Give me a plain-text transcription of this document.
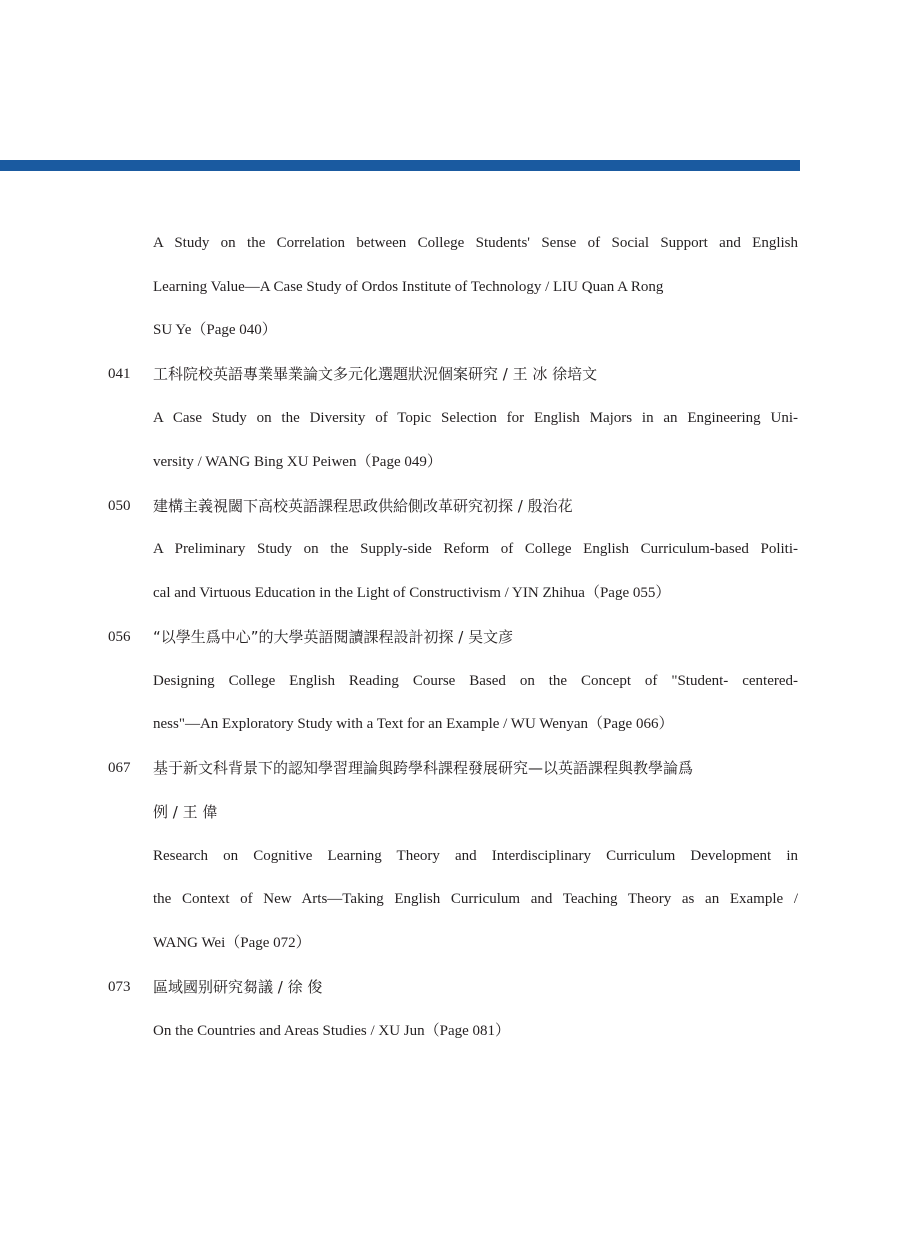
A Study on the Correlation between College Students' Sense of Social Support and English
Learning Value—A Case Study of Ordos Institute of Technology / LIU Quan A Rong
SU Ye（Page 040）
041 工科院校英語專業畢業論文多元化選題狀況個案研究 / 王 冰 徐培文
A Case Study on the Diversity of Topic Selection for English Majors in an Engineering Uni-
versity / WANG Bing XU Peiwen（Page 049）
050 建構主義視閾下高校英語課程思政供給側改革研究初探 / 殷治花
A Preliminary Study on the Supply-side Reform of College English Curriculum-based Politi-
cal and Virtuous Education in the Light of Constructivism / YIN Zhihua（Page 055）
056 “以學生爲中心”的大學英語閱讀課程設計初探 / 吴文彦
Designing College English Reading Course Based on the Concept of "Student- centered-
ness"—An Exploratory Study with a Text for an Example / WU Wenyan（Page 066）
067 基于新文科背景下的認知學習理論與跨學科課程發展研究—以英語課程與教學論爲
例 / 王 偉
Research on Cognitive Learning Theory and Interdisciplinary Curriculum Development in
the Context of New Arts—Taking English Curriculum and Teaching Theory as an Example /
WANG Wei（Page 072）
073 區域國别研究芻議 / 徐 俊
On the Countries and Areas Studies / XU Jun（Page 081）
